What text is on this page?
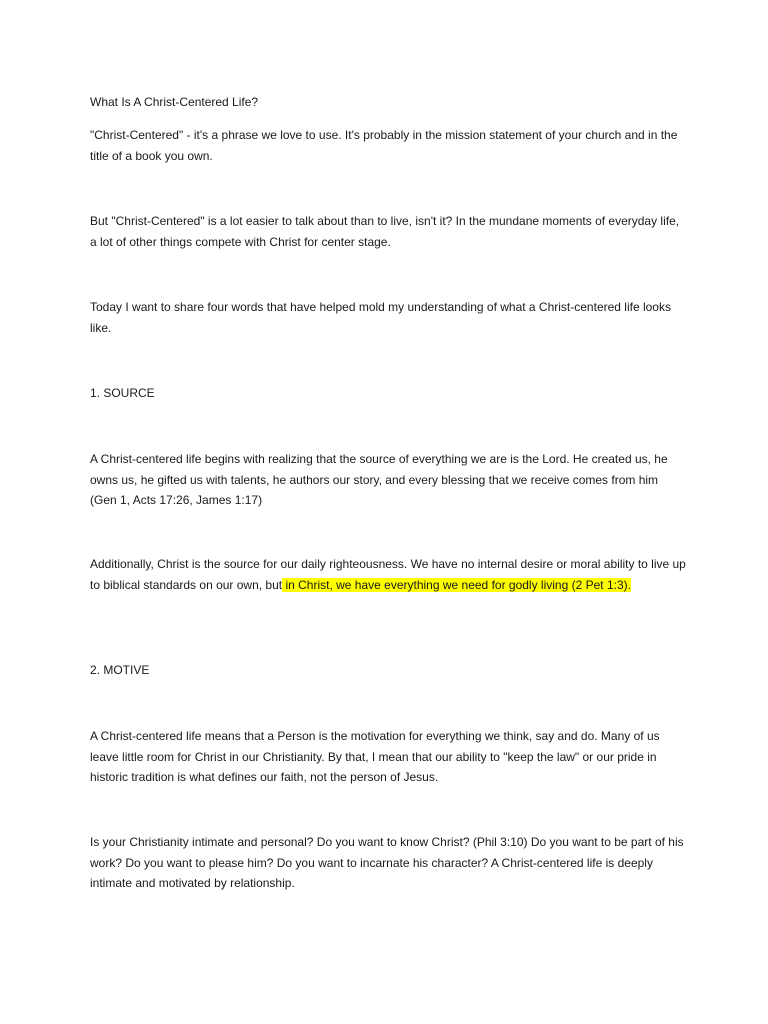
What Is A Christ-Centered Life?

"Christ-Centered" - it's a phrase we love to use. It's probably in the mission statement of your church and in the title of a book you own.

But "Christ-Centered" is a lot easier to talk about than to live, isn't it? In the mundane moments of everyday life, a lot of other things compete with Christ for center stage.

Today I want to share four words that have helped mold my understanding of what a Christ-centered life looks like.

1. SOURCE

A Christ-centered life begins with realizing that the source of everything we are is the Lord. He created us, he owns us, he gifted us with talents, he authors our story, and every blessing that we receive comes from him (Gen 1, Acts 17:26, James 1:17)

Additionally, Christ is the source for our daily righteousness. We have no internal desire or moral ability to live up to biblical standards on our own, but in Christ, we have everything we need for godly living (2 Pet 1:3).

2. MOTIVE

A Christ-centered life means that a Person is the motivation for everything we think, say and do. Many of us leave little room for Christ in our Christianity. By that, I mean that our ability to "keep the law" or our pride in historic tradition is what defines our faith, not the person of Jesus.

Is your Christianity intimate and personal? Do you want to know Christ? (Phil 3:10) Do you want to be part of his work? Do you want to please him? Do you want to incarnate his character? A Christ-centered life is deeply intimate and motivated by relationship.
